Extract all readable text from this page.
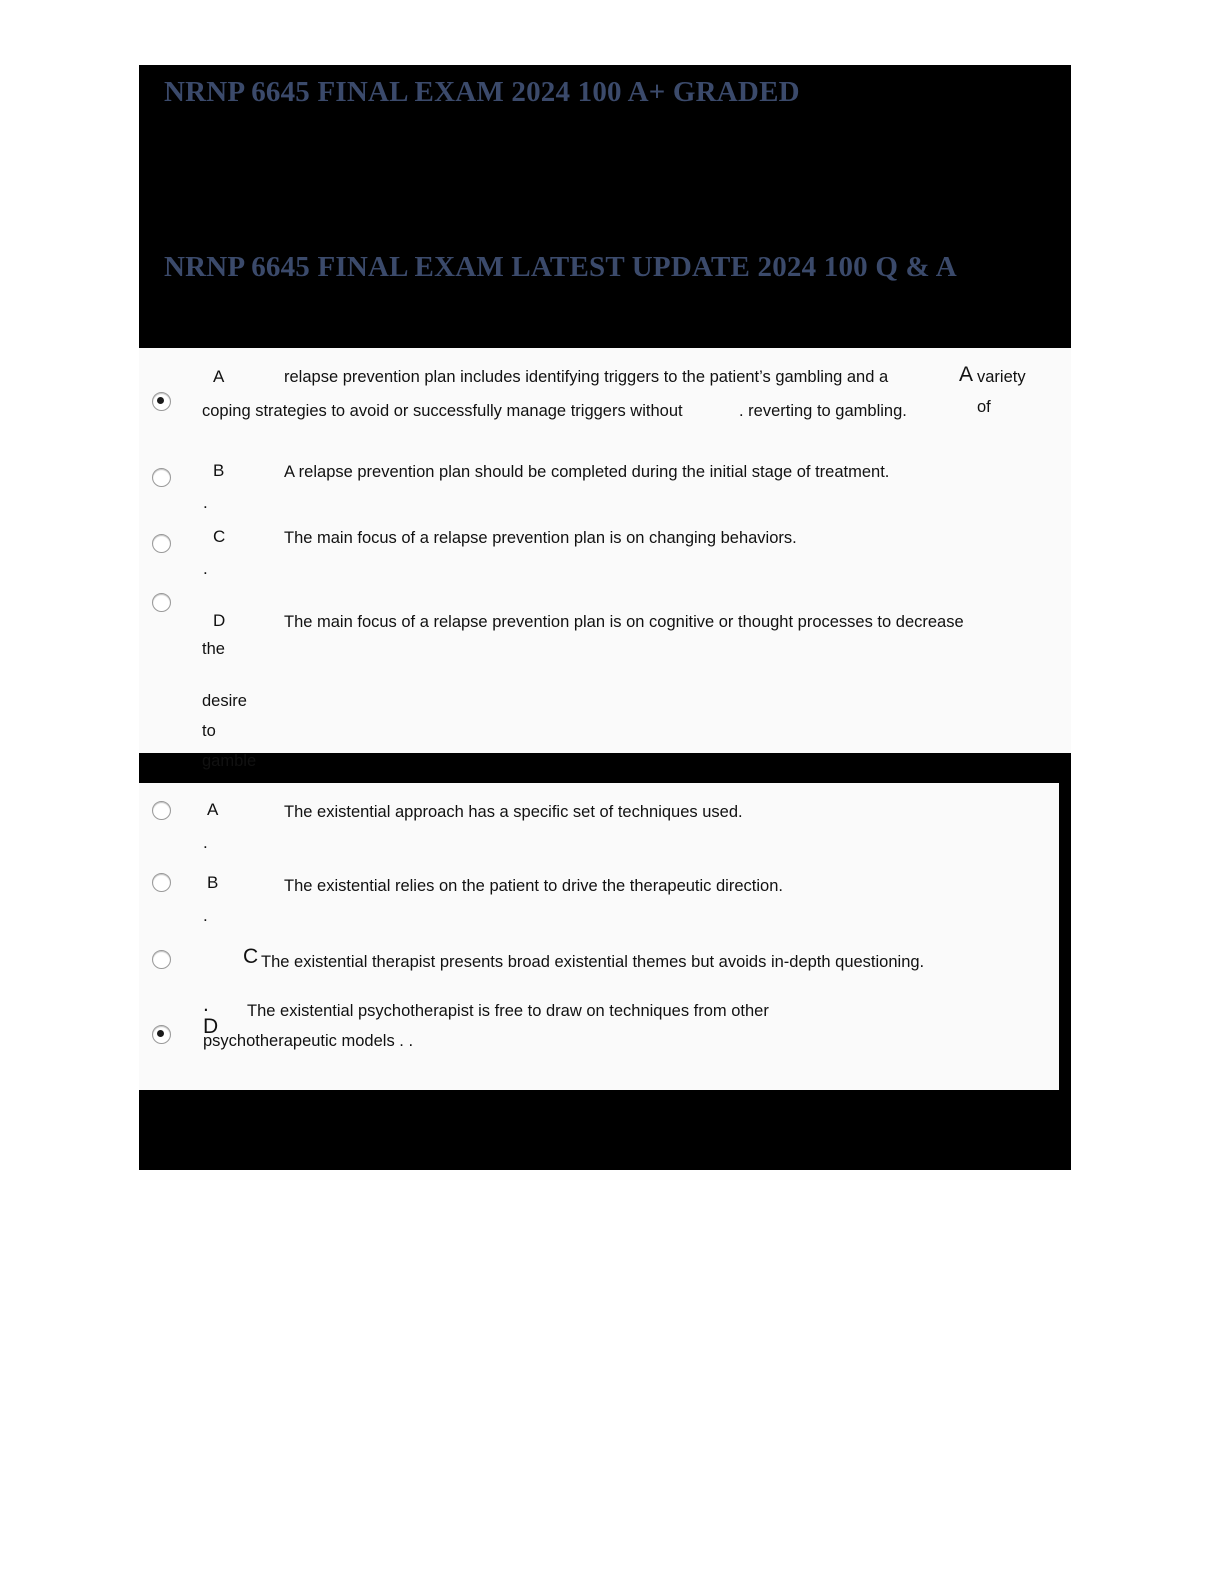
NRNP 6645 FINAL EXAM 2024 100 A+ GRADED
NRNP 6645 FINAL EXAM LATEST UPDATE 2024 100 Q & A
A	relapse prevention plan includes identifying triggers to the patient’s gambling and a	A variety of
coping strategies to avoid or successfully manage triggers without	. reverting to gambling.
B	A relapse prevention plan should be completed during the initial stage of treatment.
.
C	The main focus of a relapse prevention plan is on changing behaviors.
.
D	The main focus of a relapse prevention plan is on cognitive or thought processes to decrease
the
desire to gamble
A	The existential approach has a specific set of techniques used.
.
B	The existential relies on the patient to drive the therapeutic direction.
.
C The existential therapist presents broad existential themes but avoids in-depth questioning.
. D
The existential psychotherapist is free to draw on techniques from other
psychotherapeutic models . .
